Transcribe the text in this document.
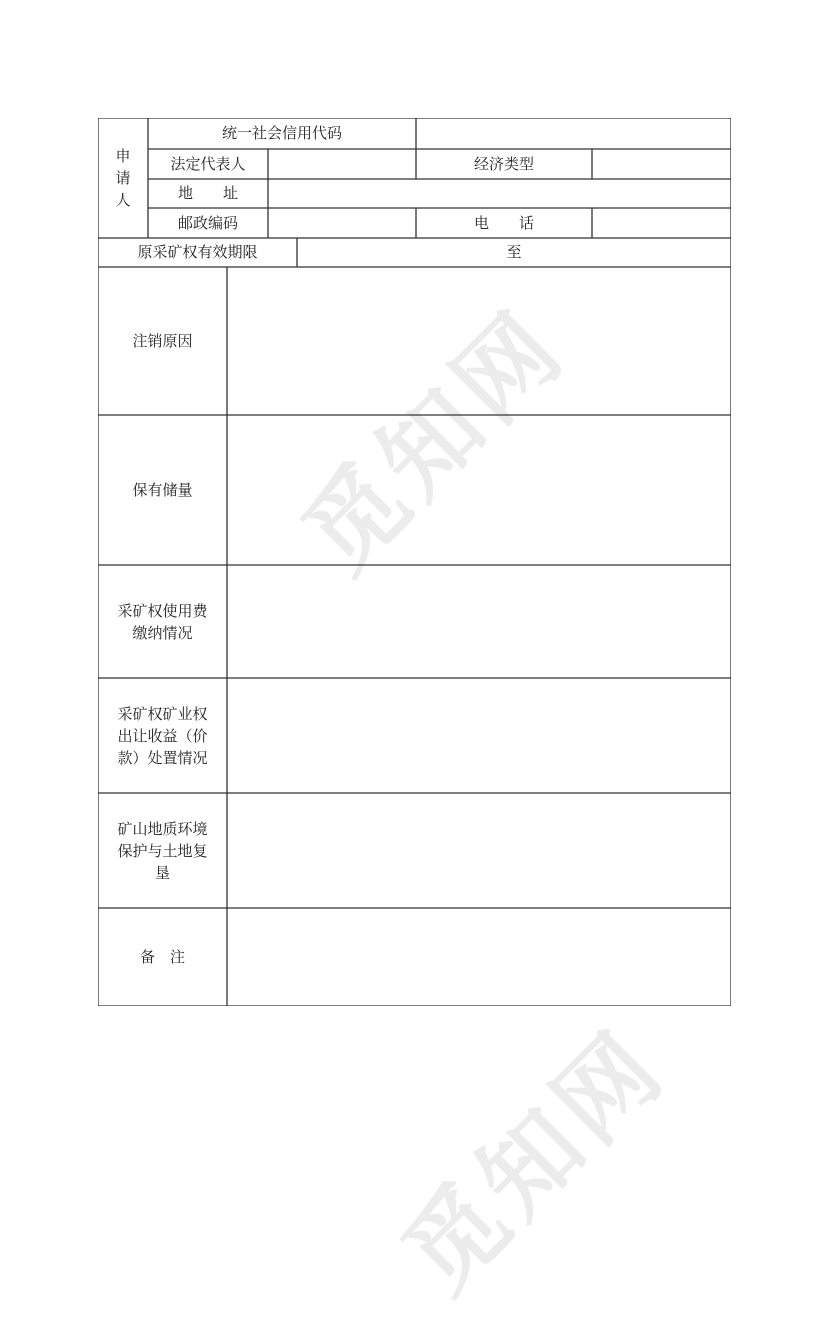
觅知网
觅知网
申
请
人
统一社会信用代码
法定代表人	经济类型
地　　址
邮政编码	电　　话
原采矿权有效期限	至
注销原因
保有储量
采矿权使用费
缴纳情况
采矿权矿业权
出让收益（价
款）处置情况
矿山地质环境
保护与土地复
垦
备　注
